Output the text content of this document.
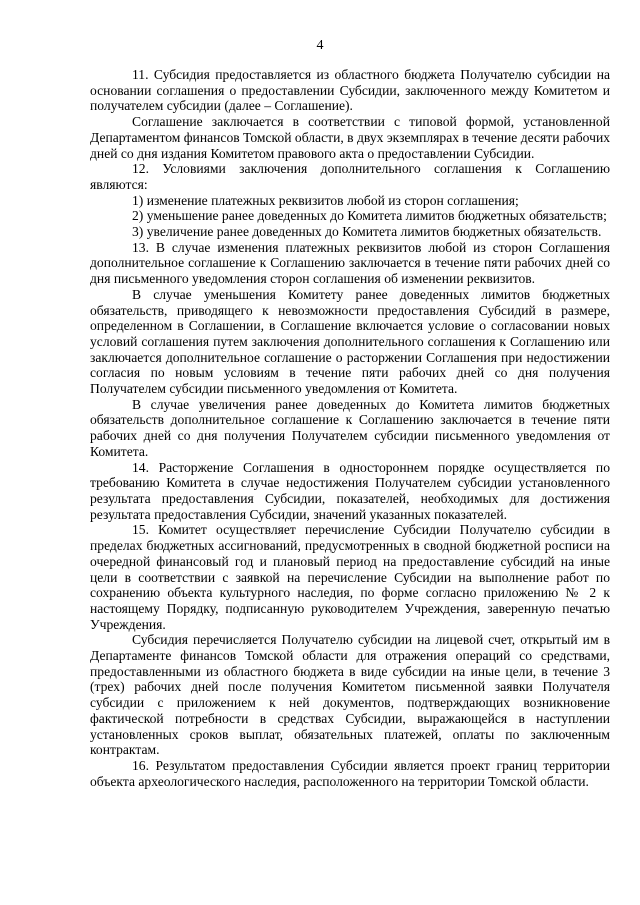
4

11. Субсидия предоставляется из областного бюджета Получателю субсидии на основании соглашения о предоставлении Субсидии, заключенного между Комитетом и получателем субсидии (далее – Соглашение).

Соглашение заключается в соответствии с типовой формой, установленной Департаментом финансов Томской области, в двух экземплярах в течение десяти рабочих дней со дня издания Комитетом правового акта о предоставлении Субсидии.

12. Условиями заключения дополнительного соглашения к Соглашению являются:

1) изменение платежных реквизитов любой из сторон соглашения;

2) уменьшение ранее доведенных до Комитета лимитов бюджетных обязательств;

3) увеличение ранее доведенных до Комитета лимитов бюджетных обязательств.

13. В случае изменения платежных реквизитов любой из сторон Соглашения дополнительное соглашение к Соглашению заключается в течение пяти рабочих дней со дня письменного уведомления сторон соглашения об изменении реквизитов.

В случае уменьшения Комитету ранее доведенных лимитов бюджетных обязательств, приводящего к невозможности предоставления Субсидий в размере, определенном в Соглашении, в Соглашение включается условие о согласовании новых условий соглашения путем заключения дополнительного соглашения к Соглашению или заключается дополнительное соглашение о расторжении Соглашения при недостижении согласия по новым условиям в течение пяти рабочих дней со дня получения Получателем субсидии письменного уведомления от Комитета.

В случае увеличения ранее доведенных до Комитета лимитов бюджетных обязательств дополнительное соглашение к Соглашению заключается в течение пяти рабочих дней со дня получения Получателем субсидии письменного уведомления от Комитета.

14. Расторжение Соглашения в одностороннем порядке осуществляется по требованию Комитета в случае недостижения Получателем субсидии установленного результата предоставления Субсидии, показателей, необходимых для достижения результата предоставления Субсидии, значений указанных показателей.

15. Комитет осуществляет перечисление Субсидии Получателю субсидии в пределах бюджетных ассигнований, предусмотренных в сводной бюджетной росписи на очередной финансовый год и плановый период на предоставление субсидий на иные цели в соответствии с заявкой на перечисление Субсидии на выполнение работ по сохранению объекта культурного наследия, по форме согласно приложению № 2 к настоящему Порядку, подписанную руководителем Учреждения, заверенную печатью Учреждения.

Субсидия перечисляется Получателю субсидии на лицевой счет, открытый им в Департаменте финансов Томской области для отражения операций со средствами, предоставленными из областного бюджета в виде субсидии на иные цели, в течение 3 (трех) рабочих дней после получения Комитетом письменной заявки Получателя субсидии с приложением к ней документов, подтверждающих возникновение фактической потребности в средствах Субсидии, выражающейся в наступлении установленных сроков выплат, обязательных платежей, оплаты по заключенным контрактам.

16. Результатом предоставления Субсидии является проект границ территории объекта археологического наследия, расположенного на территории Томской области.
